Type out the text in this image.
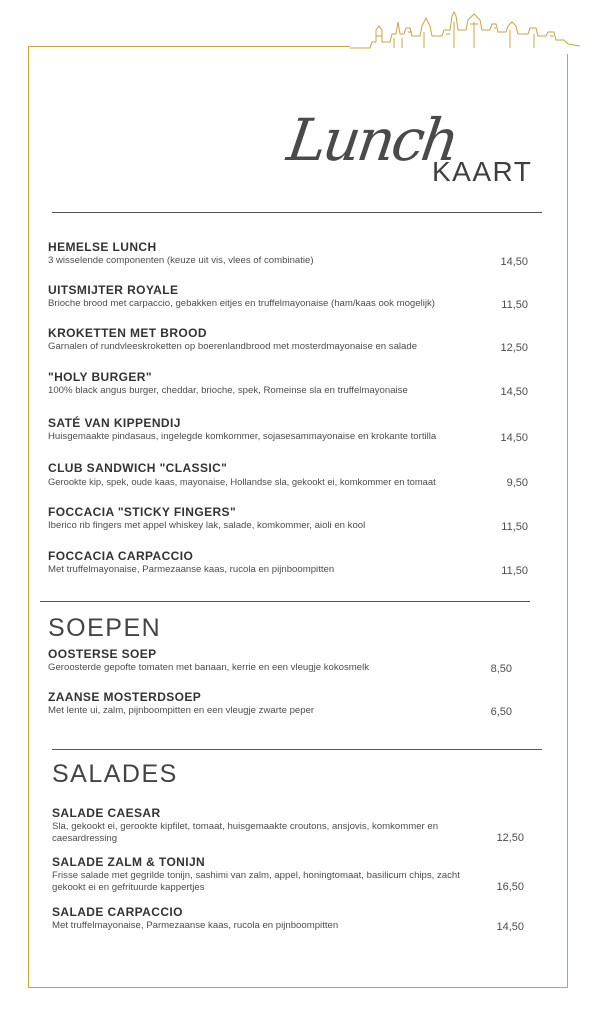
Lunch
KAART
HEMELSE LUNCH
3 wisselende componenten (keuze uit vis, vlees of combinatie)	14,50
UITSMIJTER ROYALE
Brioche brood met carpaccio, gebakken eitjes en truffelmayonaise (ham/kaas ook mogelijk)	11,50
KROKETTEN MET BROOD
Garnalen of rundvleeskroketten op boerenlandbrood met mosterdmayonaise en salade	12,50
"HOLY BURGER"
100% black angus burger, cheddar, brioche, spek, Romeinse sla en truffelmayonaise	14,50
SATÉ VAN KIPPENDIJ
Huisgemaakte pindasaus, ingelegde komkommer, sojasesammayonaise en krokante tortilla	14,50
CLUB SANDWICH "CLASSIC"
Gerookte kip, spek, oude kaas, mayonaise, Hollandse sla, gekookt ei, komkommer en tomaat	9,50
FOCCACIA "STICKY FINGERS"
Iberico rib fingers met appel whiskey lak, salade, komkommer, aioli en kool	11,50
FOCCACIA CARPACCIO
Met truffelmayonaise, Parmezaanse kaas, rucola en pijnboompitten	11,50
SOEPEN
OOSTERSE SOEP
Geroosterde gepofte tomaten met banaan, kerrie en een vleugje kokosmelk	8,50
ZAANSE MOSTERDSOEP
Met lente ui, zalm, pijnboompitten en een vleugje zwarte peper	6,50
SALADES
SALADE CAESAR
Sla, gekookt ei, gerookte kipfilet, tomaat, huisgemaakte croutons, ansjovis, komkommer en caesardressing	12,50
SALADE ZALM & TONIJN
Frisse salade met gegrilde tonijn, sashimi van zalm, appel, honingtomaat, basilicum chips, zacht gekookt ei en gefrituurde kappertjes	16,50
SALADE CARPACCIO
Met truffelmayonaise, Parmezaanse kaas, rucola en pijnboompitten	14,50
